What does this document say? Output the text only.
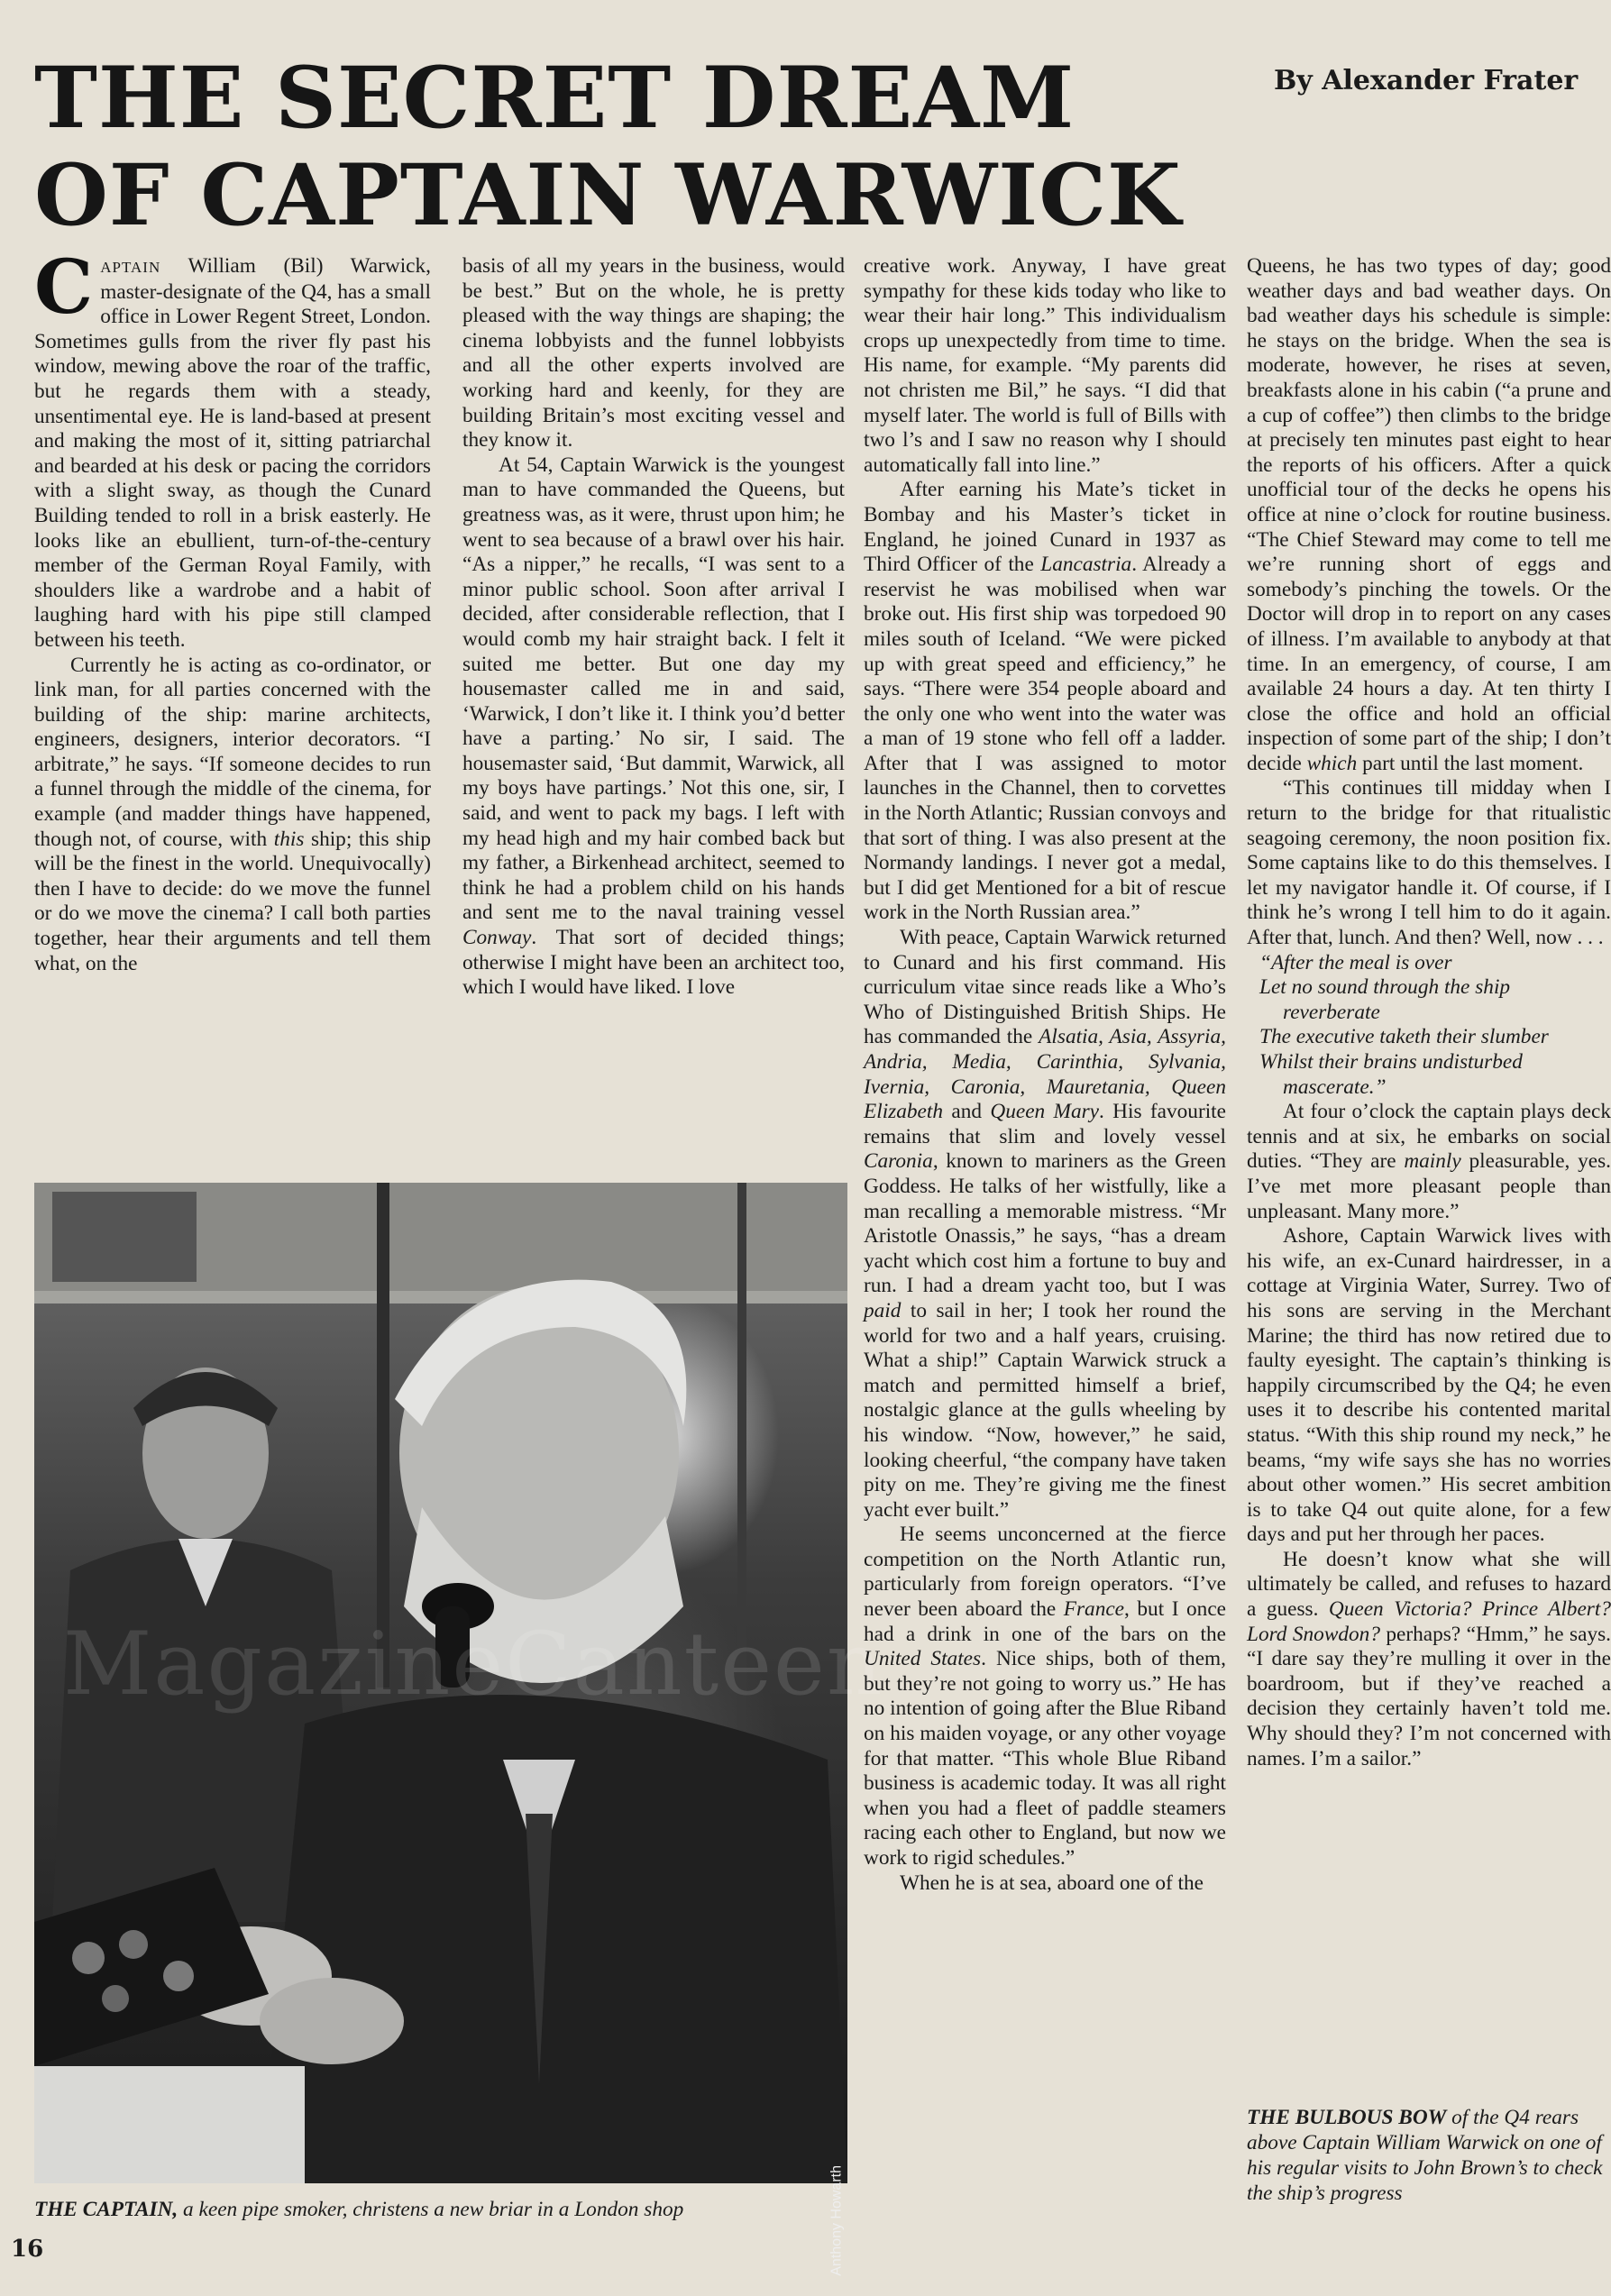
THE SECRET DREAM
OF CAPTAIN WARWICK
By Alexander Frater

CAPTAIN William (Bil) Warwick, master-designate of the Q4, has a small office in Lower Regent Street, London. Sometimes gulls from the river fly past his window, mewing above the roar of the traffic, but he regards them with a steady, unsentimental eye. He is land-based at present and making the most of it, sitting patriarchal and bearded at his desk or pacing the corridors with a slight sway, as though the Cunard Building tended to roll in a brisk easterly. He looks like an ebullient, turn-of-the-century member of the German Royal Family, with shoulders like a wardrobe and a habit of laughing hard with his pipe still clamped between his teeth.

Currently he is acting as co-ordinator, or link man, for all parties concerned with the building of the ship: marine architects, engineers, designers, interior decorators. “I arbitrate,” he says. “If someone decides to run a funnel through the middle of the cinema, for example (and madder things have happened, though not, of course, with this ship; this ship will be the finest in the world. Unequivocally) then I have to decide: do we move the funnel or do we move the cinema? I call both parties together, hear their arguments and tell them what, on the

basis of all my years in the business, would be best.” But on the whole, he is pretty pleased with the way things are shaping; the cinema lobbyists and the funnel lobbyists and all the other experts involved are working hard and keenly, for they are building Britain’s most exciting vessel and they know it.

At 54, Captain Warwick is the youngest man to have commanded the Queens, but greatness was, as it were, thrust upon him; he went to sea because of a brawl over his hair. “As a nipper,” he recalls, “I was sent to a minor public school. Soon after arrival I decided, after considerable reflection, that I would comb my hair straight back. I felt it suited me better. But one day my housemaster called me in and said, ‘Warwick, I don’t like it. I think you’d better have a parting.’ No sir, I said. The housemaster said, ‘But dammit, Warwick, all my boys have partings.’ Not this one, sir, I said, and went to pack my bags. I left with my head high and my hair combed back but my father, a Birkenhead architect, seemed to think he had a problem child on his hands and sent me to the naval training vessel Conway. That sort of decided things; otherwise I might have been an architect too, which I would have liked. I love

Anthony Howarth
THE CAPTAIN, a keen pipe smoker, christens a new briar in a London shop
16

creative work. Anyway, I have great sympathy for these kids today who like to wear their hair long.” This individualism crops up unexpectedly from time to time. His name, for example. “My parents did not christen me Bil,” he says. “I did that myself later. The world is full of Bills with two l’s and I saw no reason why I should automatically fall into line.”

After earning his Mate’s ticket in Bombay and his Master’s ticket in England, he joined Cunard in 1937 as Third Officer of the Lancastria. Already a reservist he was mobilised when war broke out. His first ship was torpedoed 90 miles south of Iceland. “We were picked up with great speed and efficiency,” he says. “There were 354 people aboard and the only one who went into the water was a man of 19 stone who fell off a ladder. After that I was assigned to motor launches in the Channel, then to corvettes in the North Atlantic; Russian convoys and that sort of thing. I was also present at the Normandy landings. I never got a medal, but I did get Mentioned for a bit of rescue work in the North Russian area.”

With peace, Captain Warwick returned to Cunard and his first command. His curriculum vitae since reads like a Who’s Who of Distinguished British Ships. He has commanded the Alsatia, Asia, Assyria, Andria, Media, Carinthia, Sylvania, Ivernia, Caronia, Mauretania, Queen Elizabeth and Queen Mary. His favourite remains that slim and lovely vessel Caronia, known to mariners as the Green Goddess. He talks of her wistfully, like a man recalling a memorable mistress. “Mr Aristotle Onassis,” he says, “has a dream yacht which cost him a fortune to buy and run. I had a dream yacht too, but I was paid to sail in her; I took her round the world for two and a half years, cruising. What a ship!” Captain Warwick struck a match and permitted himself a brief, nostalgic glance at the gulls wheeling by his window. “Now, however,” he said, looking cheerful, “the company have taken pity on me. They’re giving me the finest yacht ever built.”

He seems unconcerned at the fierce competition on the North Atlantic run, particularly from foreign operators. “I’ve never been aboard the France, but I once had a drink in one of the bars on the United States. Nice ships, both of them, but they’re not going to worry us.” He has no intention of going after the Blue Riband on his maiden voyage, or any other voyage for that matter. “This whole Blue Riband business is academic today. It was all right when you had a fleet of paddle steamers racing each other to England, but now we work to rigid schedules.”

When he is at sea, aboard one of the

Queens, he has two types of day; good weather days and bad weather days. On bad weather days his schedule is simple: he stays on the bridge. When the sea is moderate, however, he rises at seven, breakfasts alone in his cabin (“a prune and a cup of coffee”) then climbs to the bridge at precisely ten minutes past eight to hear the reports of his officers. After a quick unofficial tour of the decks he opens his office at nine o’clock for routine business. “The Chief Steward may come to tell me we’re running short of eggs and somebody’s pinching the towels. Or the Doctor will drop in to report on any cases of illness. I’m available to anybody at that time. In an emergency, of course, I am available 24 hours a day. At ten thirty I close the office and hold an official inspection of some part of the ship; I don’t decide which part until the last moment.

“This continues till midday when I return to the bridge for that ritualistic seagoing ceremony, the noon position fix. Some captains like to do this themselves. I let my navigator handle it. Of course, if I think he’s wrong I tell him to do it again. After that, lunch. And then? Well, now . . .

“After the meal is over

Let no sound through the ship

reverberate

The executive taketh their slumber

Whilst their brains undisturbed

mascerate.”

At four o’clock the captain plays deck tennis and at six, he embarks on social duties. “They are mainly pleasurable, yes. I’ve met more pleasant people than unpleasant. Many more.”

Ashore, Captain Warwick lives with his wife, an ex-Cunard hairdresser, in a cottage at Virginia Water, Surrey. Two of his sons are serving in the Merchant Marine; the third has now retired due to faulty eyesight. The captain’s thinking is happily circumscribed by the Q4; he even uses it to describe his contented marital status. “With this ship round my neck,” he beams, “my wife says she has no worries about other women.” His secret ambition is to take Q4 out quite alone, for a few days and put her through her paces.

He doesn’t know what she will ultimately be called, and refuses to hazard a guess. Queen Victoria? Prince Albert? Lord Snowdon? perhaps? “Hmm,” he says. “I dare say they’re mulling it over in the boardroom, but if they’ve reached a decision they certainly haven’t told me. Why should they? I’m not concerned with names. I’m a sailor.”

THE BULBOUS BOW of the Q4 rears above Captain William Warwick on one of his regular visits to John Brown’s to check the ship’s progress
